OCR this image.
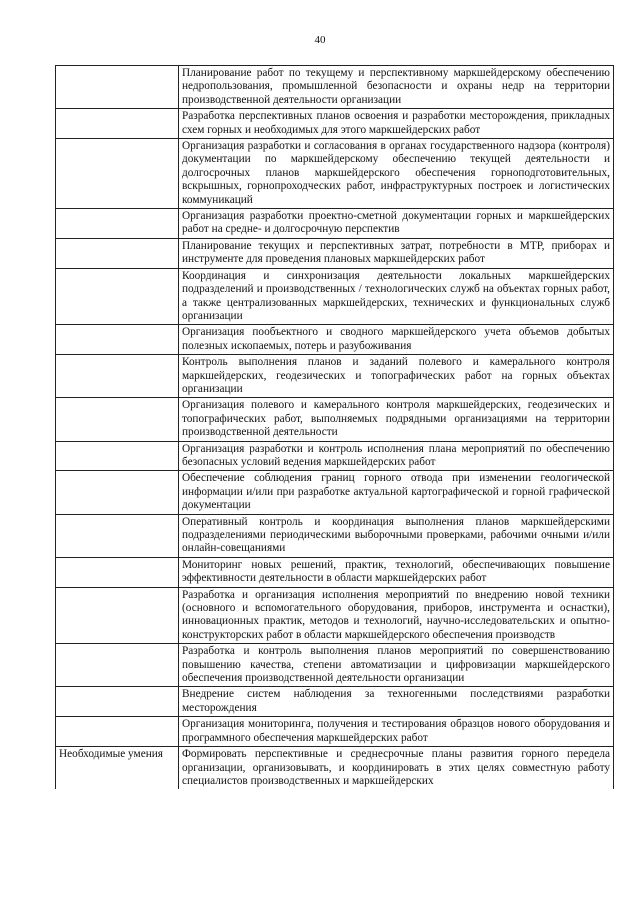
40
	Планирование работ по текущему и перспективному маркшейдерскому обеспечению недропользования, промышленной безопасности и охраны недр на территории производственной деятельности организации
	Разработка перспективных планов освоения и разработки месторождения, прикладных схем горных и необходимых для этого маркшейдерских работ
	Организация разработки и согласования в органах государственного надзора (контроля) документации по маркшейдерскому обеспечению текущей деятельности и долгосрочных планов маркшейдерского обеспечения горноподготовительных, вскрышных, горнопроходческих работ, инфраструктурных построек и логистических коммуникаций
	Организация разработки проектно-сметной документации горных и маркшейдерских работ на средне- и долгосрочную перспектив
	Планирование текущих и перспективных затрат, потребности в МТР, приборах и инструменте для проведения плановых маркшейдерских работ
	Координация и синхронизация деятельности локальных маркшейдерских подразделений и производственных / технологических служб на объектах горных работ, а также централизованных маркшейдерских, технических и функциональных служб организации
	Организация пообъектного и сводного маркшейдерского учета объемов добытых полезных ископаемых, потерь и разубоживания
	Контроль выполнения планов и заданий полевого и камерального контроля маркшейдерских, геодезических и топографических работ на горных объектах организации
	Организация полевого и камерального контроля маркшейдерских, геодезических и топографических работ, выполняемых подрядными организациями на территории производственной деятельности
	Организация разработки и контроль исполнения плана мероприятий по обеспечению безопасных условий ведения маркшейдерских работ
	Обеспечение соблюдения границ горного отвода при изменении геологической информации и/или при разработке актуальной картографической и горной графической документации
	Оперативный контроль и координация выполнения планов маркшейдерскими подразделениями периодическими выборочными проверками, рабочими очными и/или онлайн-совещаниями
	Мониторинг новых решений, практик, технологий, обеспечивающих повышение эффективности деятельности в области маркшейдерских работ
	Разработка и организация исполнения мероприятий по внедрению новой техники (основного и вспомогательного оборудования, приборов, инструмента и оснастки), инновационных практик, методов и технологий, научно-исследовательских и опытно-конструкторских работ в области маркшейдерского обеспечения производств
	Разработка и контроль выполнения планов мероприятий по совершенствованию повышению качества, степени автоматизации и цифровизации маркшейдерского обеспечения производственной деятельности организации
	Внедрение систем наблюдения за техногенными последствиями разработки месторождения
	Организация мониторинга, получения и тестирования образцов нового оборудования и программного обеспечения маркшейдерских работ
Необходимые умения	Формировать перспективные и среднесрочные планы развития горного передела организации, организовывать, и координировать в этих целях совместную работу специалистов производственных и маркшейдерских
